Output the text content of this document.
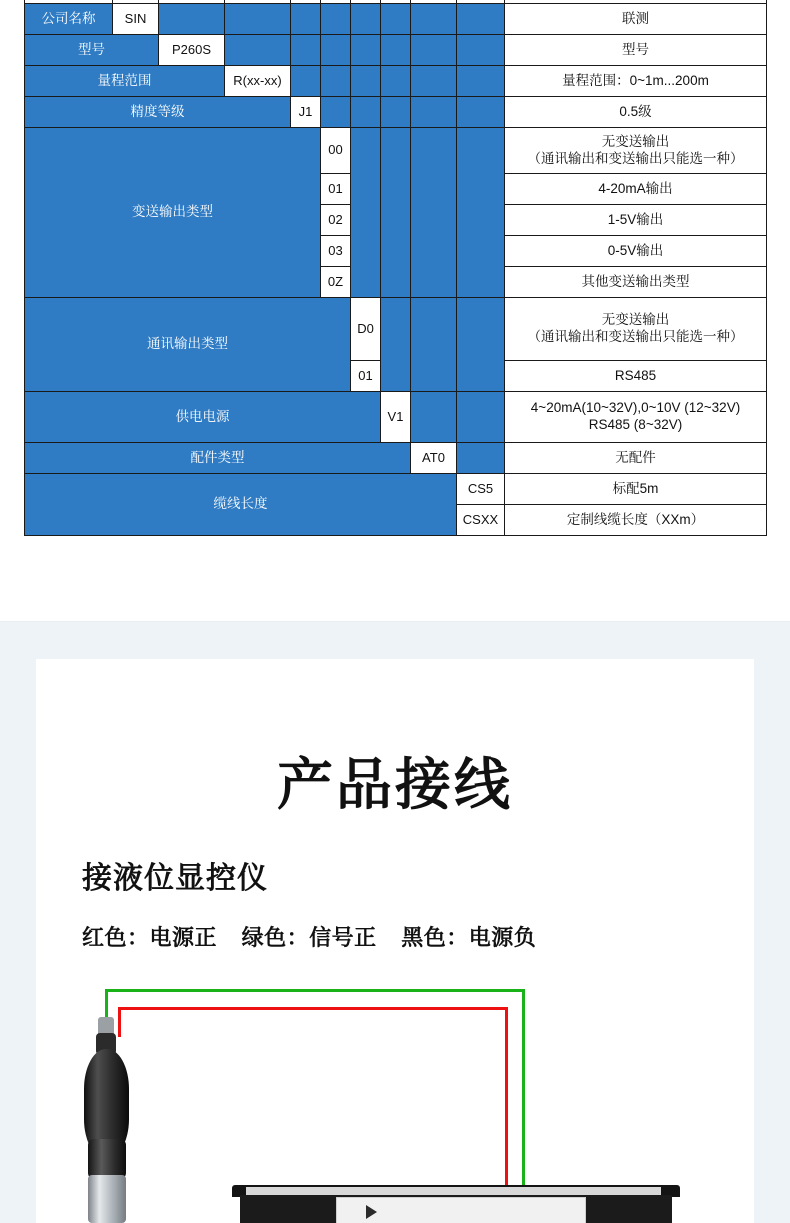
公司名称	SIN									联测
型号		P260S								型号
量程范围			R(xx-xx)							量程范围：0~1m...200m
精度等级				J1						0.5级
变送输出类型					00					无变送输出
（通讯输出和变送输出只能选一种）

					01					4-20mA输出
					02					1-5V输出
					03					0-5V输出
					0Z					其他变送输出类型
通讯输出类型						D0				无变送输出
（通讯输出和变送输出只能选一种）

						01				RS485
供电电源							V1			4~20mA(10~32V),0~10V (12~32V)
RS485 (8~32V)

配件类型								AT0		无配件
缆线长度									CS5	标配5m
									CSXX	定制线缆长度（XXm）
产品接线
接液位显控仪
红色：电源正 绿色：信号正 黑色：电源负
